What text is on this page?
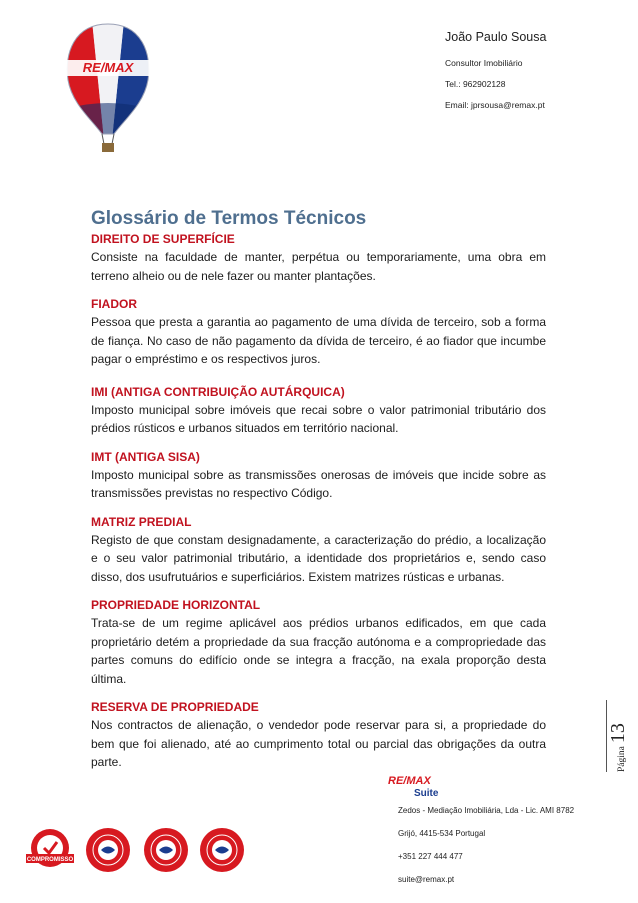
RE/MAX

João Paulo Sousa

Consultor Imobiliário

Tel.: 962902128

Email: jprsousa@remax.pt

Glossário de Termos Técnicos

DIREITO DE SUPERFÍCIE

Consiste na faculdade de manter, perpétua ou temporariamente, uma obra em terreno alheio ou de nele fazer ou manter plantações.

FIADOR

Pessoa que presta a garantia ao pagamento de uma dívida de terceiro, sob a forma de fiança. No caso de não pagamento da dívida de terceiro, é ao fiador que incumbe pagar o empréstimo e os respectivos juros.

IMI (ANTIGA CONTRIBUIÇÃO AUTÁRQUICA)

Imposto municipal sobre imóveis que recai sobre o valor patrimonial tributário dos prédios rústicos e urbanos situados em território nacional.

IMT (ANTIGA SISA)

Imposto municipal sobre as transmissões onerosas de imóveis que incide sobre as transmissões previstas no respectivo Código.

MATRIZ PREDIAL

Registo de que constam designadamente, a caracterização do prédio, a localização e o seu valor patrimonial tributário, a identidade dos proprietários e, sendo caso disso, dos usufrutuários e superficiários. Existem matrizes rústicas e urbanas.

PROPRIEDADE HORIZONTAL

Trata-se de um regime aplicável aos prédios urbanos edificados, em que cada proprietário detém a propriedade da sua fracção autónoma e a compropriedade das partes comuns do edifício onde se integra a fracção, na exala proporção desta última.

RESERVA DE PROPRIEDADE

Nos contractos de alienação, o vendedor pode reservar para si, a propriedade do bem que foi alienado, até ao cumprimento total ou parcial das obrigações da outra parte.	Página
13
RE/MAX
Suite

Zedos - Mediação Imobiliária, Lda - Lic. AMI 8782

Grijó, 4415-534 Portugal

+351 227 444 477

suite@remax.pt

COMPROMISSO
